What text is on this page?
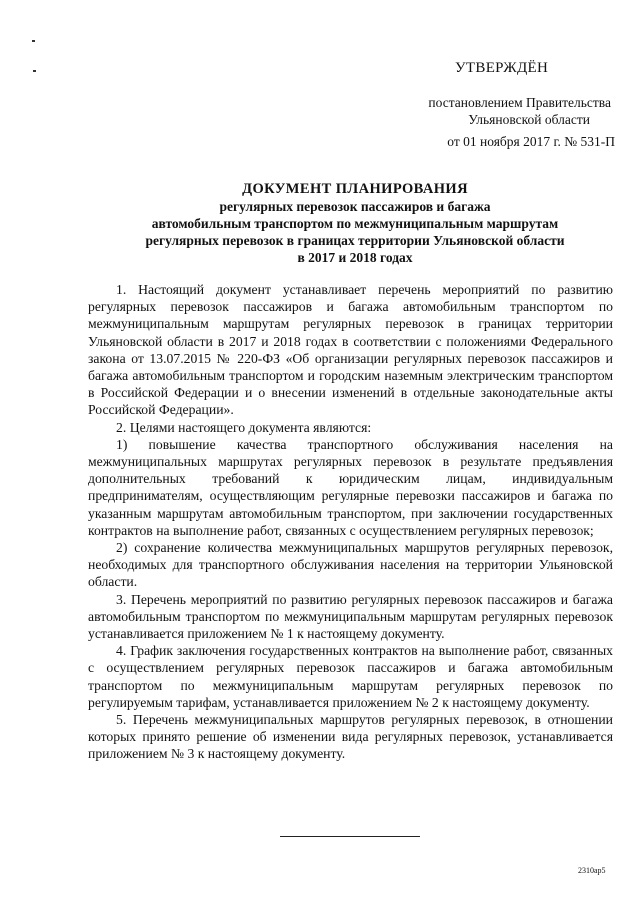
УТВЕРЖДЁН
постановлением Правительства
Ульяновской области
от 01 ноября 2017 г. № 531-П
ДОКУМЕНТ ПЛАНИРОВАНИЯ
регулярных перевозок пассажиров и багажа
автомобильным транспортом по межмуниципальным маршрутам
регулярных перевозок в границах территории Ульяновской области
в 2017 и 2018 годах

1. Настоящий документ устанавливает перечень мероприятий по развитию регулярных перевозок пассажиров и багажа автомобильным транспортом по межмуниципальным маршрутам регулярных перевозок в границах территории Ульяновской области в 2017 и 2018 годах в соответствии с положениями Федерального закона от 13.07.2015 № 220-ФЗ «Об организации регулярных перевозок пассажиров и багажа автомобильным транспортом и городским наземным электрическим транспортом в Российской Федерации и о внесении изменений в отдельные законодательные акты Российской Федерации».

2. Целями настоящего документа являются:

1) повышение качества транспортного обслуживания населения на межмуниципальных маршрутах регулярных перевозок в результате предъявления дополнительных требований к юридическим лицам, индивидуальным предпринимателям, осуществляющим регулярные перевозки пассажиров и багажа по указанным маршрутам автомобильным транспортом, при заключении государственных контрактов на выполнение работ, связанных с осуществлением регулярных перевозок;

2) сохранение количества межмуниципальных маршрутов регулярных перевозок, необходимых для транспортного обслуживания населения на территории Ульяновской области.

3. Перечень мероприятий по развитию регулярных перевозок пассажиров и багажа автомобильным транспортом по межмуниципальным маршрутам регулярных перевозок устанавливается приложением № 1 к настоящему документу.

4. График заключения государственных контрактов на выполнение работ, связанных с осуществлением регулярных перевозок пассажиров и багажа автомобильным транспортом по межмуниципальным маршрутам регулярных перевозок по регулируемым тарифам, устанавливается приложением № 2 к настоящему документу.

5. Перечень межмуниципальных маршрутов регулярных перевозок, в отношении которых принято решение об изменении вида регулярных перевозок, устанавливается приложением № 3 к настоящему документу.

2310ар5
